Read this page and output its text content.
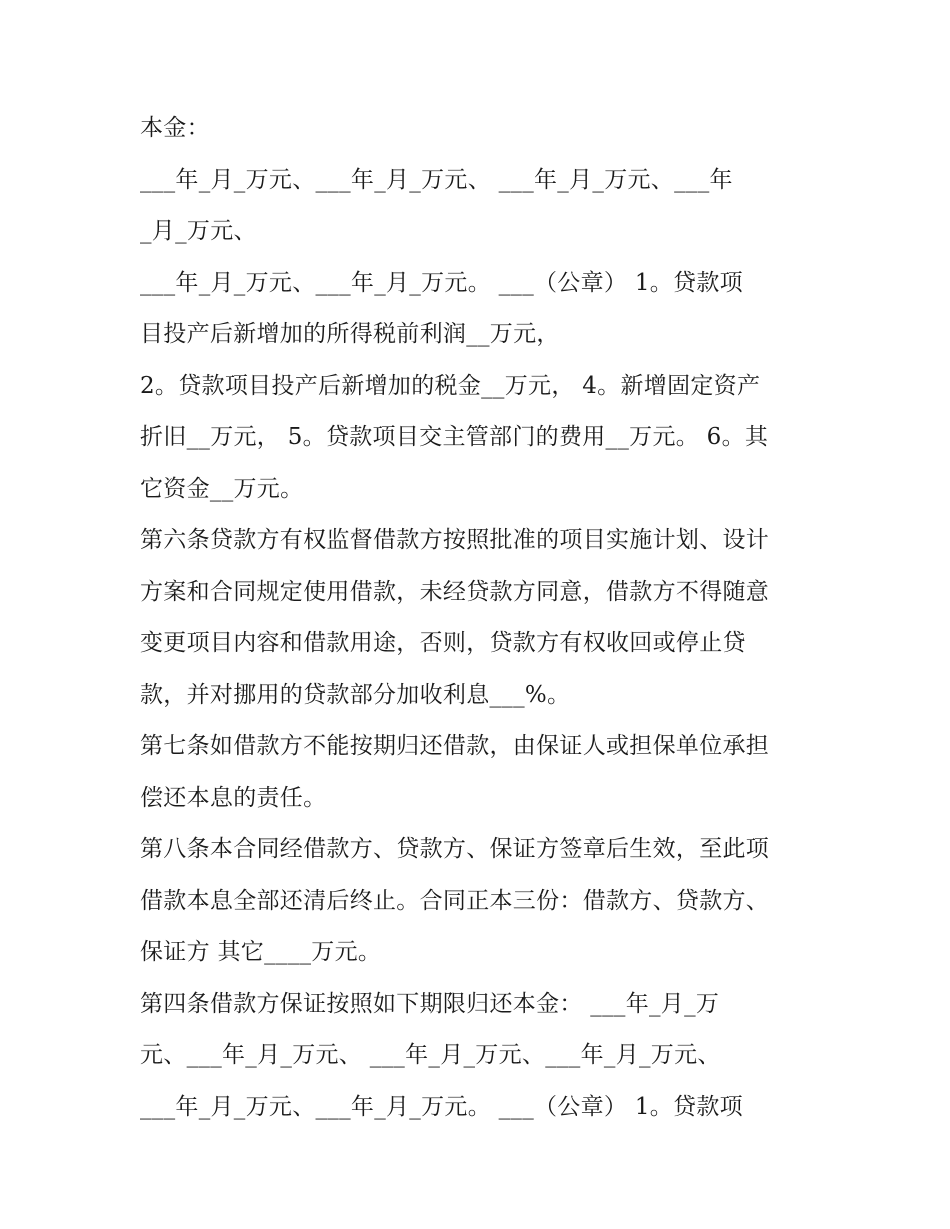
本金：
___年_月_万元、___年_月_万元、 ___年_月_万元、___年
_月_万元、
___年_月_万元、___年_月_万元。 ___（公章） 1。贷款项
目投产后新增加的所得税前利润__万元，
2。贷款项目投产后新增加的税金__万元， 4。新增固定资产
折旧__万元， 5。贷款项目交主管部门的费用__万元。 6。其
它资金__万元。
第六条贷款方有权监督借款方按照批准的项目实施计划、设计
方案和合同规定使用借款，未经贷款方同意，借款方不得随意
变更项目内容和借款用途，否则，贷款方有权收回或停止贷
款，并对挪用的贷款部分加收利息___%。
第七条如借款方不能按期归还借款，由保证人或担保单位承担
偿还本息的责任。
第八条本合同经借款方、贷款方、保证方签章后生效，至此项
借款本息全部还清后终止。合同正本三份：借款方、贷款方、
保证方 其它____万元。
第四条借款方保证按照如下期限归还本金： ___年_月_万
元、___年_月_万元、 ___年_月_万元、___年_月_万元、
___年_月_万元、___年_月_万元。 ___（公章） 1。贷款项
